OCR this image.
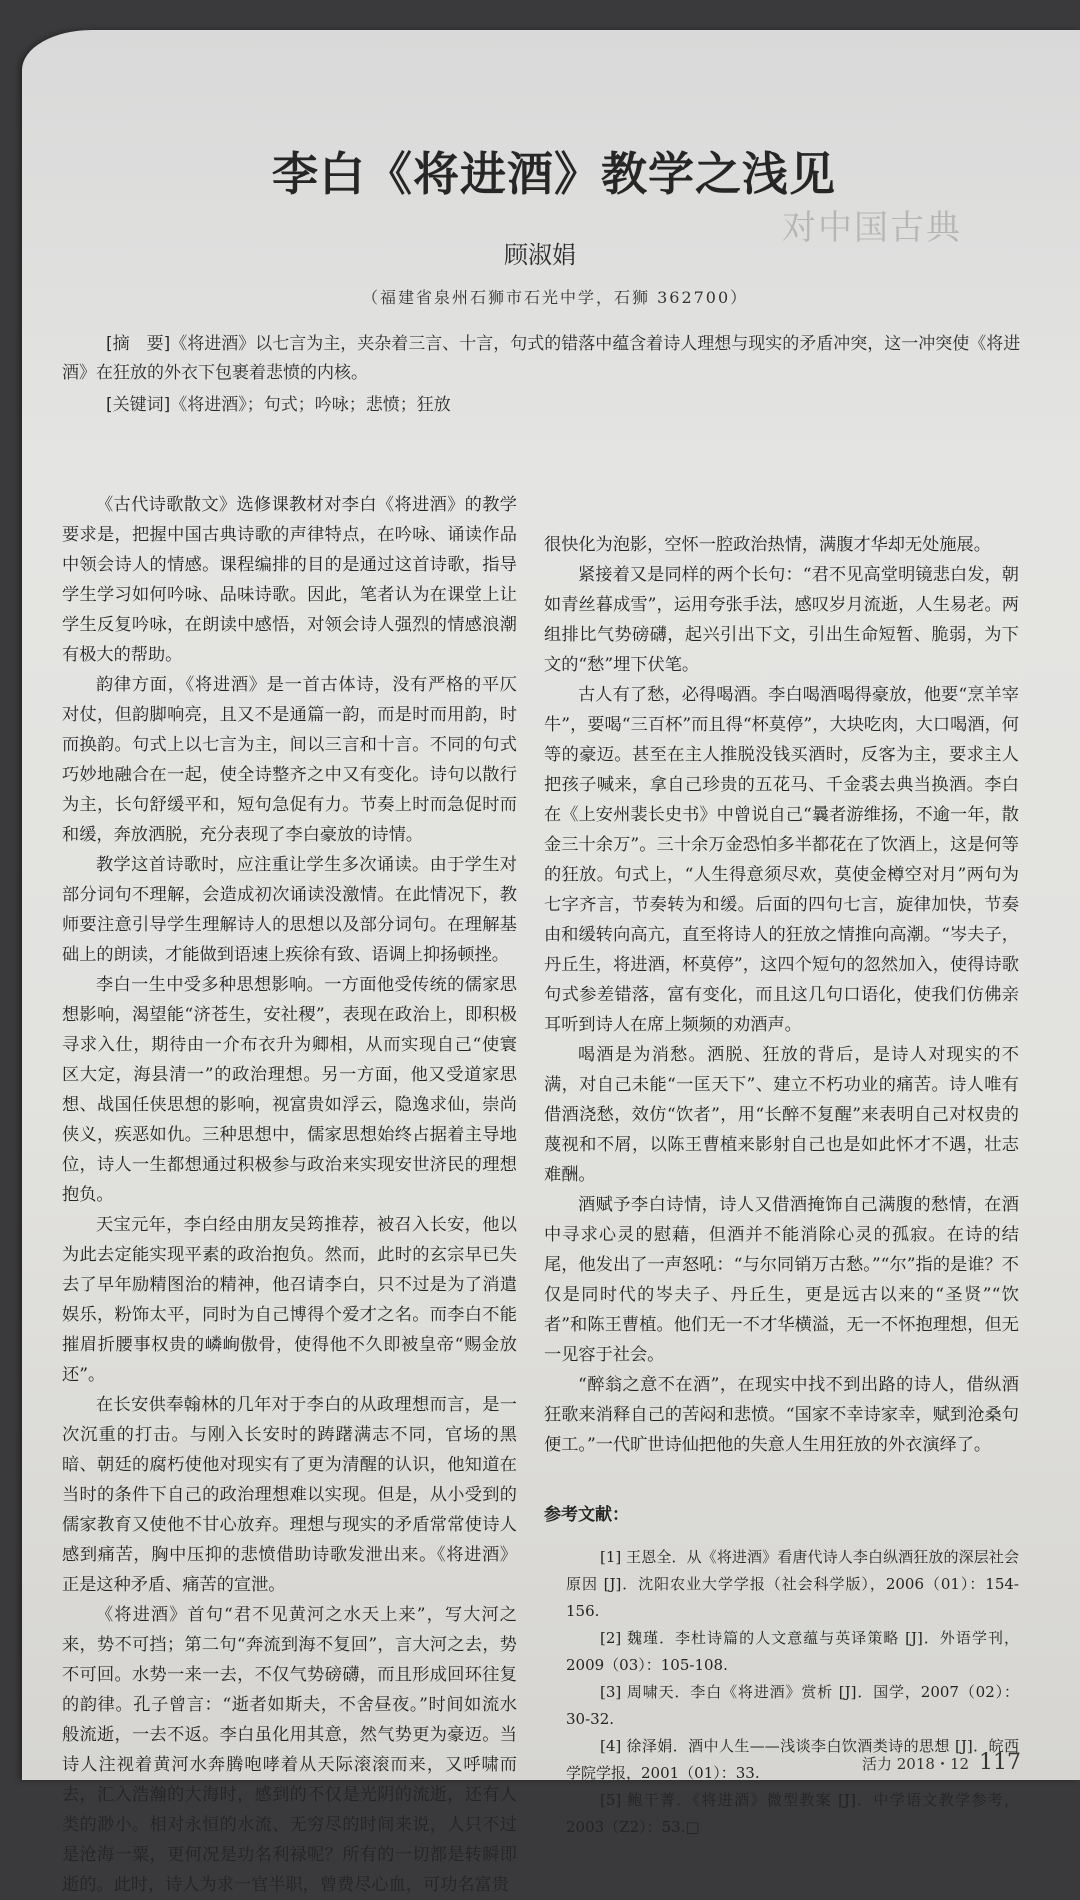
对中国古典
李白《将进酒》教学之浅见
顾淑娟
（福建省泉州石狮市石光中学，石狮 362700）

[摘　要]《将进酒》以七言为主，夹杂着三言、十言，句式的错落中蕴含着诗人理想与现实的矛盾冲突，这一冲突使《将进酒》在狂放的外衣下包裹着悲愤的内核。

[关键词]《将进酒》；句式；吟咏；悲愤；狂放

《古代诗歌散文》选修课教材对李白《将进酒》的教学要求是，把握中国古典诗歌的声律特点，在吟咏、诵读作品中领会诗人的情感。课程编排的目的是通过这首诗歌，指导学生学习如何吟咏、品味诗歌。因此，笔者认为在课堂上让学生反复吟咏，在朗读中感悟，对领会诗人强烈的情感浪潮有极大的帮助。

韵律方面，《将进酒》是一首古体诗，没有严格的平仄对仗，但韵脚响亮，且又不是通篇一韵，而是时而用韵，时而换韵。句式上以七言为主，间以三言和十言。不同的句式巧妙地融合在一起，使全诗整齐之中又有变化。诗句以散行为主，长句舒缓平和，短句急促有力。节奏上时而急促时而和缓，奔放洒脱，充分表现了李白豪放的诗情。

教学这首诗歌时，应注重让学生多次诵读。由于学生对部分词句不理解，会造成初次诵读没激情。在此情况下，教师要注意引导学生理解诗人的思想以及部分词句。在理解基础上的朗读，才能做到语速上疾徐有致、语调上抑扬顿挫。

李白一生中受多种思想影响。一方面他受传统的儒家思想影响，渴望能“济苍生，安社稷”，表现在政治上，即积极寻求入仕，期待由一介布衣升为卿相，从而实现自己“使寰区大定，海县清一”的政治理想。另一方面，他又受道家思想、战国任侠思想的影响，视富贵如浮云，隐逸求仙，崇尚侠义，疾恶如仇。三种思想中，儒家思想始终占据着主导地位，诗人一生都想通过积极参与政治来实现安世济民的理想抱负。

天宝元年，李白经由朋友吴筠推荐，被召入长安，他以为此去定能实现平素的政治抱负。然而，此时的玄宗早已失去了早年励精图治的精神，他召请李白，只不过是为了消遣娱乐，粉饰太平，同时为自己博得个爱才之名。而李白不能摧眉折腰事权贵的嶙峋傲骨，使得他不久即被皇帝“赐金放还”。

在长安供奉翰林的几年对于李白的从政理想而言，是一次沉重的打击。与刚入长安时的踌躇满志不同，官场的黑暗、朝廷的腐朽使他对现实有了更为清醒的认识，他知道在当时的条件下自己的政治理想难以实现。但是，从小受到的儒家教育又使他不甘心放弃。理想与现实的矛盾常常使诗人感到痛苦，胸中压抑的悲愤借助诗歌发泄出来。《将进酒》正是这种矛盾、痛苦的宣泄。

《将进酒》首句“君不见黄河之水天上来”，写大河之来，势不可挡；第二句“奔流到海不复回”，言大河之去，势不可回。水势一来一去，不仅气势磅礴，而且形成回环往复的韵律。孔子曾言：“逝者如斯夫，不舍昼夜。”时间如流水般流逝，一去不返。李白虽化用其意，然气势更为豪迈。当诗人注视着黄河水奔腾咆哮着从天际滚滚而来，又呼啸而去，汇入浩瀚的大海时，感到的不仅是光阴的流逝，还有人类的渺小。相对永恒的水流、无穷尽的时间来说，人只不过是沧海一粟，更何况是功名利禄呢？所有的一切都是转瞬即逝的。此时，诗人为求一官半职，曾费尽心血，可功名富贵

很快化为泡影，空怀一腔政治热情，满腹才华却无处施展。

紧接着又是同样的两个长句：“君不见高堂明镜悲白发，朝如青丝暮成雪”，运用夸张手法，感叹岁月流逝，人生易老。两组排比气势磅礴，起兴引出下文，引出生命短暂、脆弱，为下文的“愁”埋下伏笔。

古人有了愁，必得喝酒。李白喝酒喝得豪放，他要“烹羊宰牛”，要喝“三百杯”而且得“杯莫停”，大块吃肉，大口喝酒，何等的豪迈。甚至在主人推脱没钱买酒时，反客为主，要求主人把孩子喊来，拿自己珍贵的五花马、千金裘去典当换酒。李白在《上安州裴长史书》中曾说自己“曩者游维扬，不逾一年，散金三十余万”。三十余万金恐怕多半都花在了饮酒上，这是何等的狂放。句式上，“人生得意须尽欢，莫使金樽空对月”两句为七字齐言，节奏转为和缓。后面的四句七言，旋律加快，节奏由和缓转向高亢，直至将诗人的狂放之情推向高潮。“岑夫子，丹丘生，将进酒，杯莫停”，这四个短句的忽然加入，使得诗歌句式参差错落，富有变化，而且这几句口语化，使我们仿佛亲耳听到诗人在席上频频的劝酒声。

喝酒是为消愁。洒脱、狂放的背后，是诗人对现实的不满，对自己未能“一匡天下”、建立不朽功业的痛苦。诗人唯有借酒浇愁，效仿“饮者”，用“长醉不复醒”来表明自己对权贵的蔑视和不屑，以陈王曹植来影射自己也是如此怀才不遇，壮志难酬。

酒赋予李白诗情，诗人又借酒掩饰自己满腹的愁情，在酒中寻求心灵的慰藉，但酒并不能消除心灵的孤寂。在诗的结尾，他发出了一声怒吼：“与尔同销万古愁。”“尔”指的是谁？不仅是同时代的岑夫子、丹丘生，更是远古以来的“圣贤”“饮者”和陈王曹植。他们无一不才华横溢，无一不怀抱理想，但无一见容于社会。

“醉翁之意不在酒”，在现实中找不到出路的诗人，借纵酒狂歌来消释自己的苦闷和悲愤。“国家不幸诗家幸，赋到沧桑句便工。”一代旷世诗仙把他的失意人生用狂放的外衣演绎了。

参考文献：

[1] 王恩全．从《将进酒》看唐代诗人李白纵酒狂放的深层社会原因 [J]．沈阳农业大学学报（社会科学版），2006（01）：154-156.

[2] 魏瑾．李杜诗篇的人文意蕴与英译策略 [J]．外语学刊，2009（03）：105-108.

[3] 周啸天．李白《将进酒》赏析 [J]．国学，2007（02）：30-32.

[4] 徐泽娟．酒中人生——浅谈李白饮酒类诗的思想 [J]．皖西学院学报，2001（01）：33.

[5] 鲍干菁．《将进酒》微型教案 [J]．中学语文教学参考，2003（Z2）：53.□

活力 2018・12 117
